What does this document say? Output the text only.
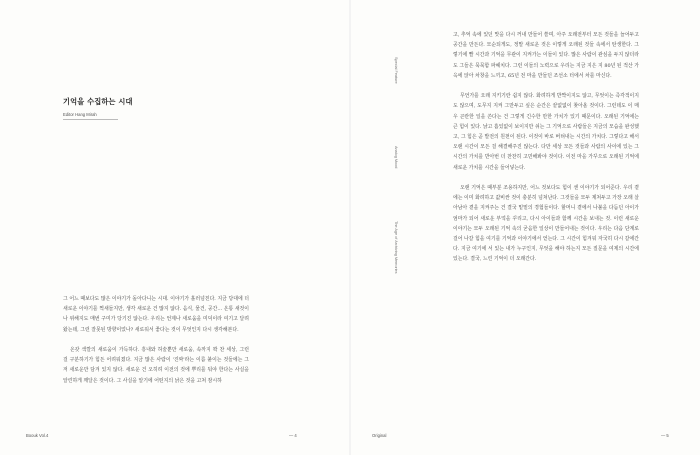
기억을 수집하는 시대
Editor Hang Mirah

그 어느 때보다도 많은 이야기가 돌아다니는 시대. 이야기가 흘러넘친다. 지금 당대에 더 새로운 이야기를 찍새들지만, 생각 새로운 건 많지 않다. 음식, 물건, 공간… 온통 새것이나 위해지도 매번 구미가 당기진 않는다. 우리는 언제나 새로움을 미덕이라 여기고 달려왔는데, 그런 잘못된 방향이었나? 새로워서 좋다는 것이 무엇인지 다시 생각해본다.

온갖 색깔의 새로움이 가득하다. 흥내와 허술뿐만 새로움, 속까지 꽉 찬 세상, 그런 걸 구분하기가 힘든 어려워졌다. 지금 많은 사람이 '진짜'라는 이름 붙이는 것들에는 그저 새로운만 담겨 있지 않다. 새로운 건 오히려 이전의 것에 뿌리를 둬야 한다는 사실을 알린하게 깨달은 것이다. 그 사실을 알기에 어떤지의 낡은 것을 고쳐 잠시하

고, 추억 속에 있던 맛을 다시 꺼내 만들어 쓸며, 아주 오래전부터 모든 것들을 늘어두고 공간을 만든다. 모순되게도, 정말 새로운 것은 이렇게 오래된 것들 속에서 탄생한다. 그렇기에 빨 시간과 기억을 무관이 지켜가는 이들이 있다. 많은 사람이 관심을 두지 않더라도 그들은 묵묵함 파헤치다. 그런 이들의 노력으로 우리는 지금 지은 지 80년 된 적산 가옥에 앉아 차창을 느끼고, 65년 전 마을 만들던 조선소 터에서 차를 마신다.

무언가를 오래 지키기란 쉽지 않다. 화려하게 반짝이지도 않고, 무엇이는 즉각적이지도 않으며, 도무지 지켜 그만두고 싶은 순간은 끝없없이 찾아올 것이다. 그런데도 이 매우 곤란한 일을 쓴다는 건 그렇게 긴수한 만한 가치가 있기 때문이다. 오래된 기억에는 큰 힘이 있다. 낡고 흠있없이 보이지만 쉬는 그 기억으로 사람들은 지금의 모습을 완성했고, 그 힘은 곧 발전의 원천이 된다. 이것이 바로 버텨내는 시간의 가치다. 그렇다고 해서 오랜 시간이 모든 걸 해결해주진 않는다. 다만 세상 모든 것들과 사람의 사이에 있는 그 시간의 가치를 반아번 더 찬찬히 고민해봐야 것이다. 이전 마을 가꾸으로 오래된 기억에 새로운 가치를 시간을 들어넣는다.

오랜 기억은 때부분 조용하지만, 어느 것보다도 힘이 센 이야기가 되어준다. 우리 곁에는 이미 화려하고 값비싼 것이 충분히 넘쳐난다. 그것들을 모두 제쳐두고 가장 오래 살아남아 곁을 지켜주는 건 결국 밑밑의 경험들이다. 할머니 곁에서 나불을 다듬던 아이가 엄마가 되어 새로운 부엌을 꾸리고, 다시 아이들과 함께 시간을 보내는 것. 이런 새로운 이야기는 모두 오래된 기억 속의 굳음한 일상이 만들어내는 것이다. 우리는 다음 단계로 걸어 나갈 힘을 여기를 기억과 이야기에서 얻는다. 그 시간이 힘겨워 자국히 다시 갈에간다. 지금 여기에 서 있는 내가 누구인지, 무엇을 해야 하는지 모든 질문을 여제의 시간에 있는다. 결국, 느린 기억이 더 오래간다.

Special Feature
Analog Mood
The Age of Archiving Memories
Boouk Vol.4	— 4	Original	— 5
